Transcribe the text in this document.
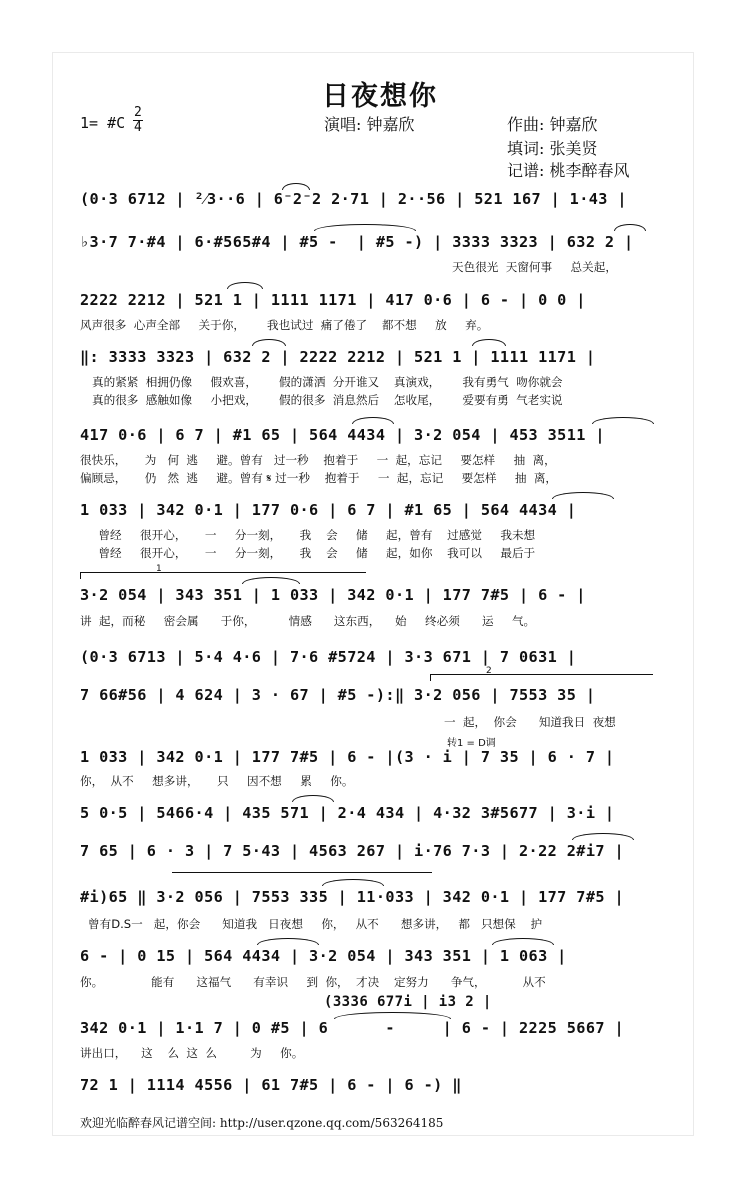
日夜想你
1= #C
2
4	演唱: 钟嘉欣	作曲: 钟嘉欣
填词: 张美贤
记谱: 桃李醉春风
(0·3 6712 | ²⁄3··6 | 6⁻2⁻2 2·71 | 2··56 | 521 167 | 1·43 |
♭3·7 7·#4 | 6·#565#4 | #5 -  | #5 -) | 3333 3323 | 632 2 |
天色很光  天窗何事     总关起，
2222 2212 | 521 1 | 1111 1171 | 417 0·6 | 6 - | 0 0 |
风声很多  心声全部     关于你，      我也试过  痛了倦了    都不想     放     弃。
‖: 3333 3323 | 632 2 | 2222 2212 | 521 1 | 1111 1171 |
真的紧紧  相拥仍像     假欢喜，      假的潇洒  分开谁又    真演戏，      我有勇气  吻你就会
真的很多  感触如像     小把戏，      假的很多  消息然后    怎收尾，      爱要有勇  气老实说
417 0·6 | 6 7 | #1 65 | 564 4434 | 3·2 054 | 453 3511 |
很快乐，     为   何  逃     避。曾有   过一秒    抱着于     一  起，忘记     要怎样     抽  离，
偏顾忌，     仍   然  逃     避。曾有 𝄋 过一秒    抱着于     一  起，忘记     要怎样     抽  离，
1 033 | 342 0·1 | 177 0·6 | 6 7 | #1 65 | 564 4434 |
曾经     很开心，     一     分一刻，     我    会     储     起，曾有    过感觉     我未想
曾经     很开心，     一     分一刻，     我    会     储     起，如你    我可以     最后于
1
3·2 054 | 343 351 | 1 033 | 342 0·1 | 177 7#5 | 6 - |
讲  起，而秘     密会属      于你，         情感      这东西，    始     终必须      运     气。
(0·3 6713 | 5·4 4·6 | 7·6 #5724 | 3·3 671 | 7 0631 |
2
7 66#56 | 4 624 | 3 · 67 | #5 -):‖ 3·2 056 | 7553 35 |
一  起，  你会      知道我日  夜想
转1 = D调
1 033 | 342 0·1 | 177 7#5 | 6 - |(3 · i | 7 35 | 6 · 7 |
你，  从不     想多讲，     只     因不想     累     你。
5 0·5 | 5466·4 | 435 571 | 2·4 434 | 4·32 3#5677 | 3·i |
7 65 | 6 · 3 | 7 5·43 | 4563 267 | i·76 7·3 | 2·22 2#i7 |
#i)65 ‖ 3·2 056 | 7553 335 | 11·033 | 342 0·1 | 177 7#5 |
曾有D.S一   起，你会      知道我   日夜想     你，   从不      想多讲，   都   只想保    护
6 - | 0 15 | 564 4434 | 3·2 054 | 343 351 | 1 063 |
你。             能有      这福气      有幸识     到  你，  才决    定努力      争气，          从不
(3336 677i | i3 2 |
342 0·1 | 1·1 7 | 0 #5 | 6      -     | 6 - | 2225 5667 |
讲出口，    这    么  这  么         为     你。
72 1 | 1114 4556 | 61 7#5 | 6 - | 6 -) ‖
欢迎光临醉春风记谱空间: http://user.qzone.qq.com/563264185
